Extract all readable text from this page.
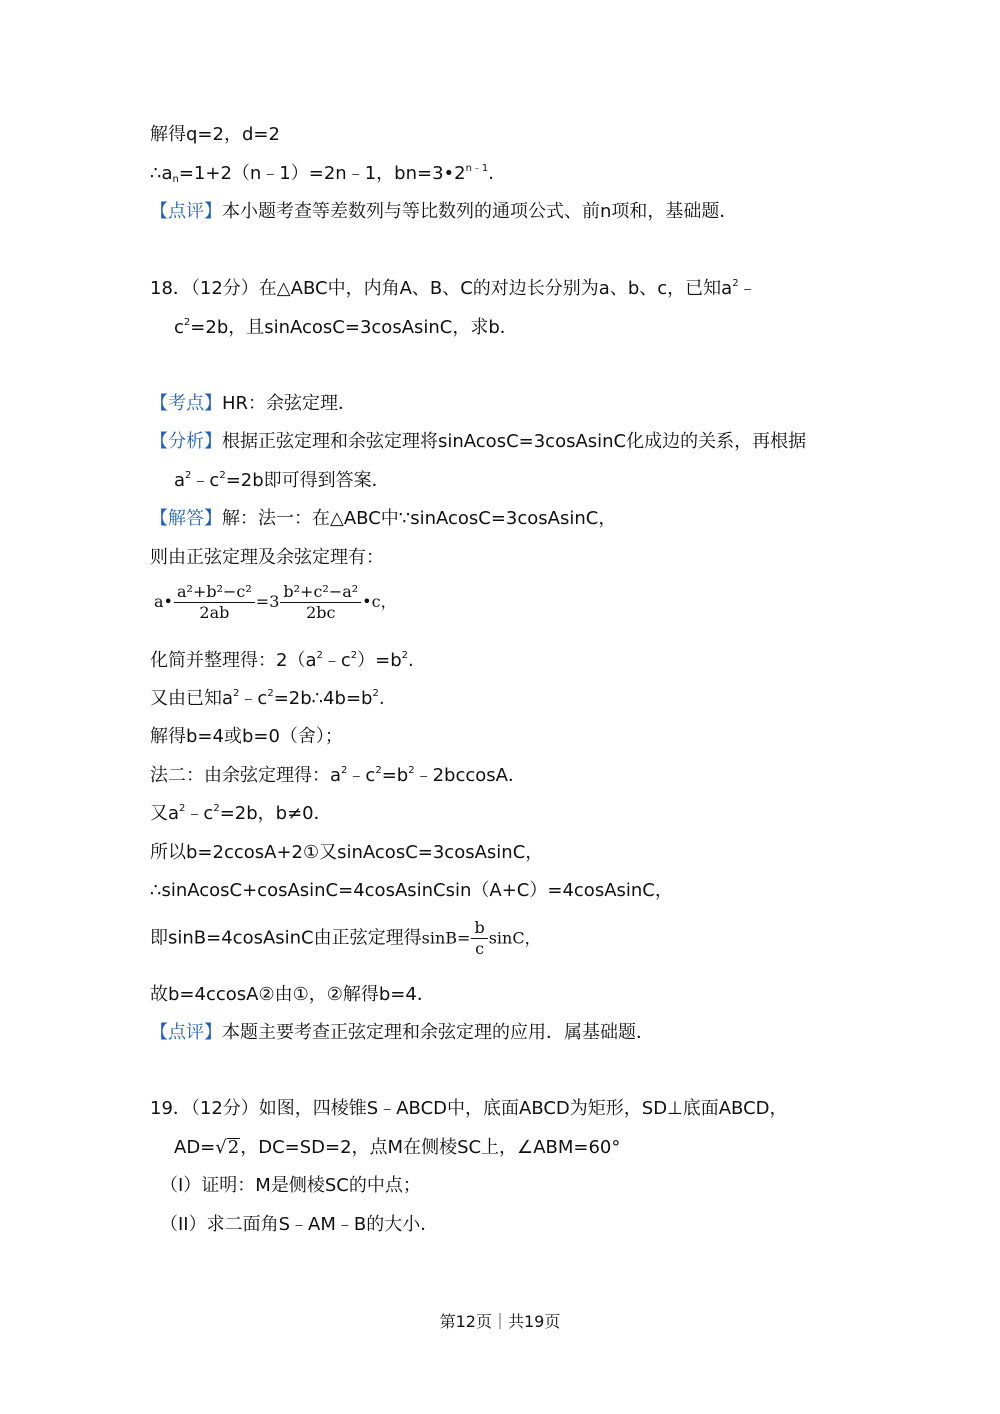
解得q=2，d=2
$\therefore a_n=1+2(n﹣1)=2n﹣1$，$bn=3•2^{n﹣1}$.
【点评】本小题考查等差数列与等比数列的通项公式、前n项和，基础题．
18．（12分）在△ABC中，内角A、B、C的对边长分别为a、b、c，已知$a^2﹣$
$c^2=2b$，且sinAcosC=3cosAsinC，求b．
【考点】HR：余弦定理．
【分析】根据正弦定理和余弦定理将sinAcosC=3cosAsinC化成边的关系，再根据
$a^2﹣c^2=2b$即可得到答案．
【解答】解：法一：在△ABC中∵sinAcosC=3cosAsinC，
则由正弦定理及余弦定理有：
a• $\frac{\text{a²+b²−c²}}{2ab} =3 \frac{\text{b²+c²−a²}}{2bc}$ •c，
化简并整理得：$2(a^2﹣c^2)=b^2$.
又由已知$a^2﹣c^2=2b\therefore 4b=b^2$.
解得b=4或b=0（舍）；
法二：由余弦定理得：$a^2﹣c^2=b^2﹣2bccosA$．
又$a^2﹣c^2=2b$，b≠0．
所以b=2ccosA+2①又sinAcosC=3cosAsinC，
∴sinAcosC+cosAsinC=4cosAsinCsin（A+C）=4cosAsinC，
即sinB=4cosAsinC由正弦定理得$\sin B= \frac{b}{c}$ sinC，
故b=4ccosA②由①，②解得b=4．
【点评】本题主要考查正弦定理和余弦定理的应用．属基础题．
19．（12分）如图，四棱锥S﹣ABCD中，底面ABCD为矩形，SD⊥底面ABCD，
AD=√2，DC=SD=2，点M在侧棱SC上，∠ABM=60°
（I）证明：M是侧棱SC的中点；
（II）求二面角S﹣AM﹣B的大小．
第12页｜共19页
